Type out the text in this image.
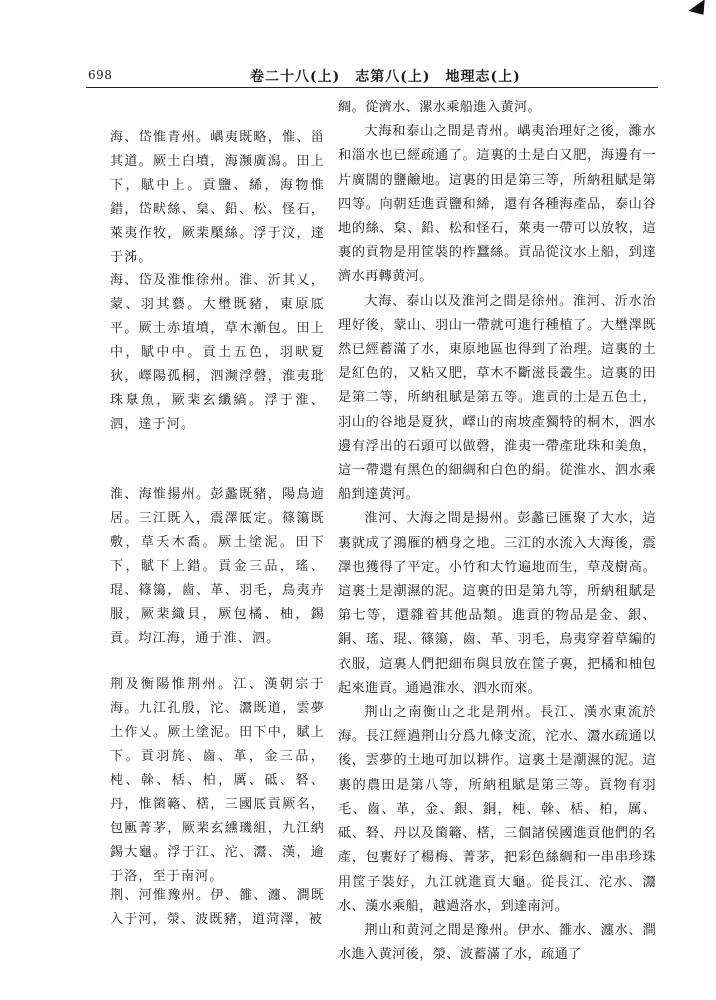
698	卷二十八(上)　志第八(上)　地理志(上)

海、岱惟青州。嵎夷既略，惟、甾其道。厥土白墳，海濒廣潟。田上下，賦中上。貢鹽、絺，海物惟錯，岱畎絲、枲、鉛、松、怪石，萊夷作牧，厥棐檿絲。浮于汶，達于泲。

海、岱及淮惟徐州。淮、沂其乂，蒙、羽其藝。大壄既豬，東原厎平。厥土赤埴墳，草木漸包。田上中，賦中中。貢土五色，羽畎夏狄，嶧陽孤桐，泗濒浮磬，淮夷玭珠臮魚，厥棐玄纖縞。浮于淮、泗，達于河。

淮、海惟揚州。彭蠡既豬，陽鳥逌居。三江既入，震澤厎定。篠簜既敷，草夭木喬。厥土塗泥。田下下，賦下上錯。貢金三品，瑤、琨、篠簜，齒、革、羽毛，鳥夷卉服，厥棐織貝，厥包橘、柚，錫貢。均江海，通于淮、泗。

荆及衡陽惟荆州。江、漢朝宗于海。九江孔殷，沱、灊既道，雲夢土作乂。厥土塗泥。田下中，賦上下。貢羽旄、齒、革，金三品，杶、榦、栝、柏，厲、砥、砮、丹，惟箘簵、楛，三國厎貢厥名，包匭菁茅，厥棐玄纁璣組，九江納錫大龜。浮于江、沱、灊、漢，逾于洛，至于南河。

荆、河惟豫州。伊、雒、瀍、澗既入于河，滎、波既豬，道菏澤，被

綢。從濟水、漯水乘船進入黄河。

大海和泰山之間是青州。嵎夷治理好之後，濰水和淄水也已經疏通了。這裏的土是白又肥，海邊有一片廣闊的鹽鹼地。這裏的田是第三等，所納租賦是第四等。向朝廷進貢鹽和絺，還有各種海產品，泰山谷地的絲、枲、鉛、松和怪石，萊夷一帶可以放牧，這裏的貢物是用筐裝的柞蠶絲。貢品從汶水上船，到達濟水再轉黄河。

大海、泰山以及淮河之間是徐州。淮河、沂水治理好後，蒙山、羽山一帶就可進行種植了。大壄澤既然已經蓄滿了水，東原地區也得到了治理。這裏的土是紅色的，又粘又肥，草木不斷滋長叢生。這裏的田是第二等，所納租賦是第五等。進貢的土是五色土，羽山的谷地是夏狄，嶧山的南坡產獨特的桐木，泗水邊有浮出的石頭可以做磬，淮夷一帶產玭珠和美魚，這一帶還有黑色的細綢和白色的絹。從淮水、泗水乘船到達黄河。

淮河、大海之間是揚州。彭蠡已匯聚了大水，這裏就成了鴻雁的栖身之地。三江的水流入大海後，震澤也獲得了平定。小竹和大竹遍地而生，草茂樹高。這裏土是潮濕的泥。這裏的田是第九等，所納租賦是第七等，還雜着其他品類。進貢的物品是金、銀、銅、瑤、琨、篠簜，齒、革、羽毛，鳥夷穿着草編的衣服，這裏人們把細布與貝放在筐子裏，把橘和柚包起來進貢。通過淮水、泗水而來。

荆山之南衡山之北是荆州。長江、漢水東流於海。長江經過荆山分爲九條支流，沱水、灊水疏通以後，雲夢的土地可加以耕作。這裏土是潮濕的泥。這裏的農田是第八等，所納租賦是第三等。貢物有羽毛、齒、革，金、銀、銅，杶、榦、栝、柏，厲、砥、砮、丹以及箘簵、楛，三個諸侯國進貢他們的名產，包裹好了楊梅、菁茅，把彩色絲綢和一串串珍珠用筐子裝好，九江就進貢大龜。從長江、沱水、灊水、漢水乘船，越過洛水，到達南河。

荆山和黄河之間是豫州。伊水、雒水、瀍水、澗水進入黄河後，滎、波蓄滿了水，疏通了
